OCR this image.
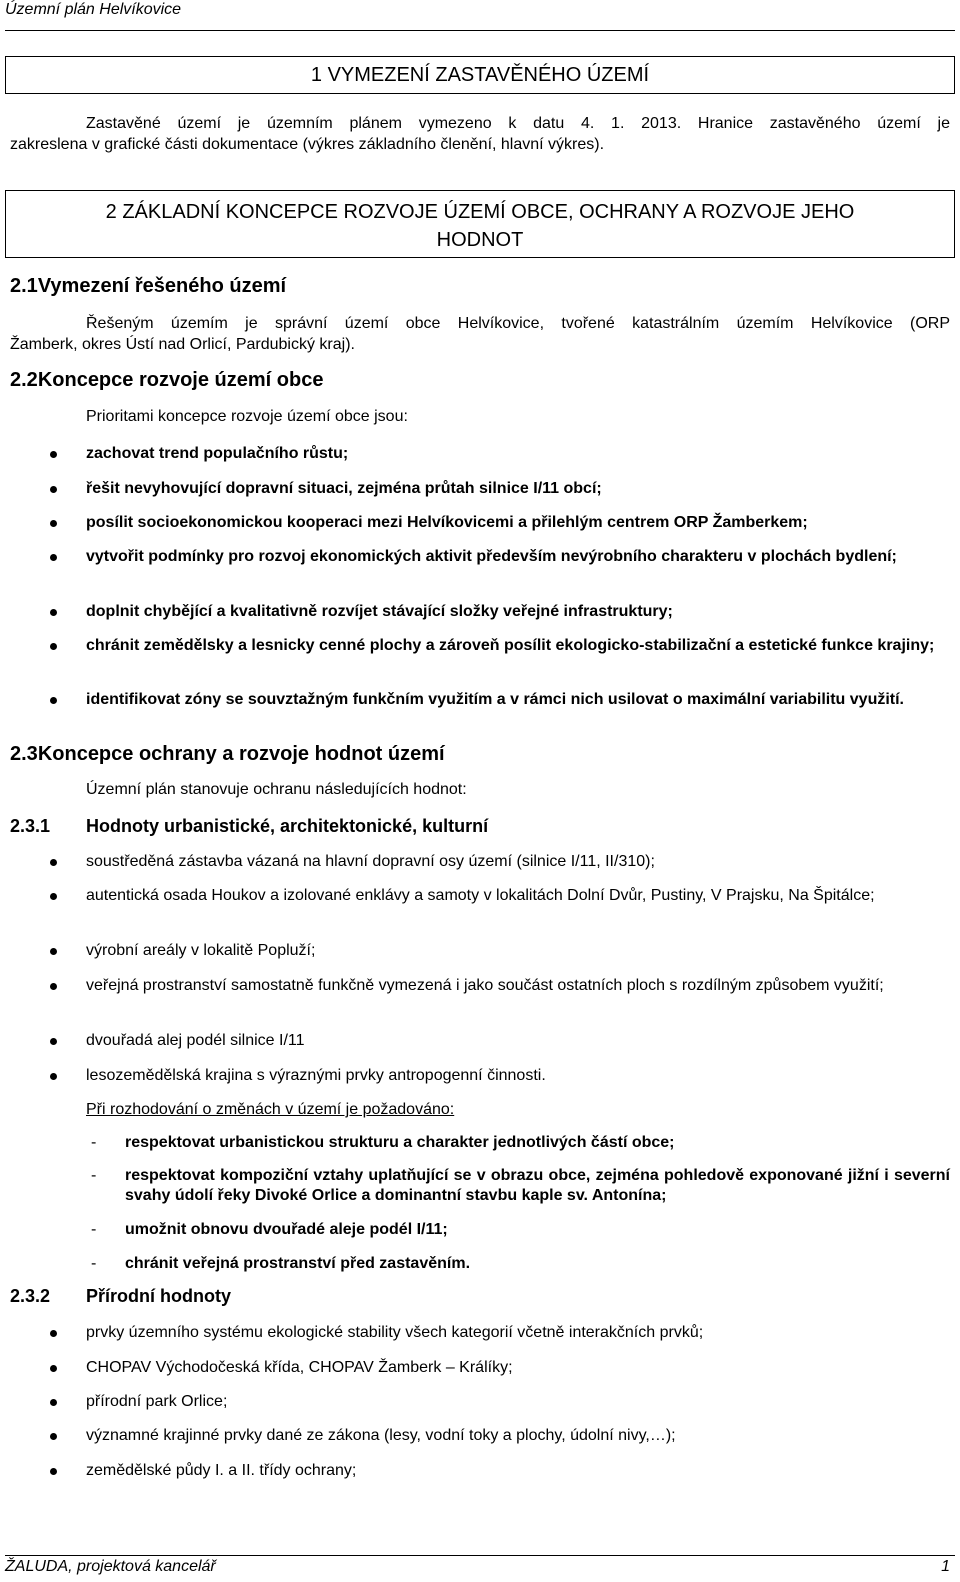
Územní plán Helvíkovice
1 VYMEZENÍ ZASTAVĚNÉHO ÚZEMÍ
Zastavěné území je územním plánem vymezeno k datu 4. 1. 2013. Hranice zastavěného území je
zakreslena v grafické části dokumentace (výkres základního členění, hlavní výkres).
2 ZÁKLADNÍ KONCEPCE ROZVOJE ÚZEMÍ OBCE, OCHRANY A ROZVOJE JEHO
HODNOT
2.1Vymezení řešeného území
Řešeným územím je správní území obce Helvíkovice, tvořené katastrálním územím Helvíkovice (ORP
Žamberk, okres Ústí nad Orlicí, Pardubický kraj).
2.2Koncepce rozvoje území obce
Prioritami koncepce rozvoje území obce jsou:
zachovat trend populačního růstu;
řešit nevyhovující dopravní situaci, zejména průtah silnice I/11 obcí;
posílit socioekonomickou kooperaci mezi Helvíkovicemi a přilehlým centrem ORP Žamberkem;
vytvořit podmínky pro rozvoj ekonomických aktivit především nevýrobního charakteru v plochách bydlení;
doplnit chybějící a kvalitativně rozvíjet stávající složky veřejné infrastruktury;
chránit zemědělsky a lesnicky cenné plochy a zároveň posílit ekologicko-stabilizační a estetické funkce krajiny;
identifikovat zóny se souvztažným funkčním využitím a v rámci nich usilovat o maximální variabilitu využití.
2.3Koncepce ochrany a rozvoje hodnot území
Územní plán stanovuje ochranu následujících hodnot:
2.3.1 Hodnoty urbanistické, architektonické, kulturní
soustředěná zástavba vázaná na hlavní dopravní osy území (silnice I/11, II/310);
autentická osada Houkov a izolované enklávy a samoty v lokalitách Dolní Dvůr, Pustiny, V Prajsku, Na Špitálce;
výrobní areály v lokalitě Popluží;
veřejná prostranství samostatně funkčně vymezená i jako součást ostatních ploch s rozdílným způsobem využití;
dvouřadá alej podél silnice I/11
lesozemědělská krajina s výraznými prvky antropogenní činnosti.
Při rozhodování o změnách v území je požadováno:
- respektovat urbanistickou strukturu a charakter jednotlivých částí obce;
- respektovat kompoziční vztahy uplatňující se v obrazu obce, zejména pohledově exponované jižní i severní svahy údolí řeky Divoké Orlice a dominantní stavbu kaple sv. Antonína;
- umožnit obnovu dvouřadé aleje podél I/11;
- chránit veřejná prostranství před zastavěním.
2.3.2 Přírodní hodnoty
prvky územního systému ekologické stability všech kategorií včetně interakčních prvků;
CHOPAV Východočeská křída, CHOPAV Žamberk – Králíky;
přírodní park Orlice;
významné krajinné prvky dané ze zákona (lesy, vodní toky a plochy, údolní nivy,…);
zemědělské půdy I. a II. třídy ochrany;
ŽALUDA, projektová kancelář	1
